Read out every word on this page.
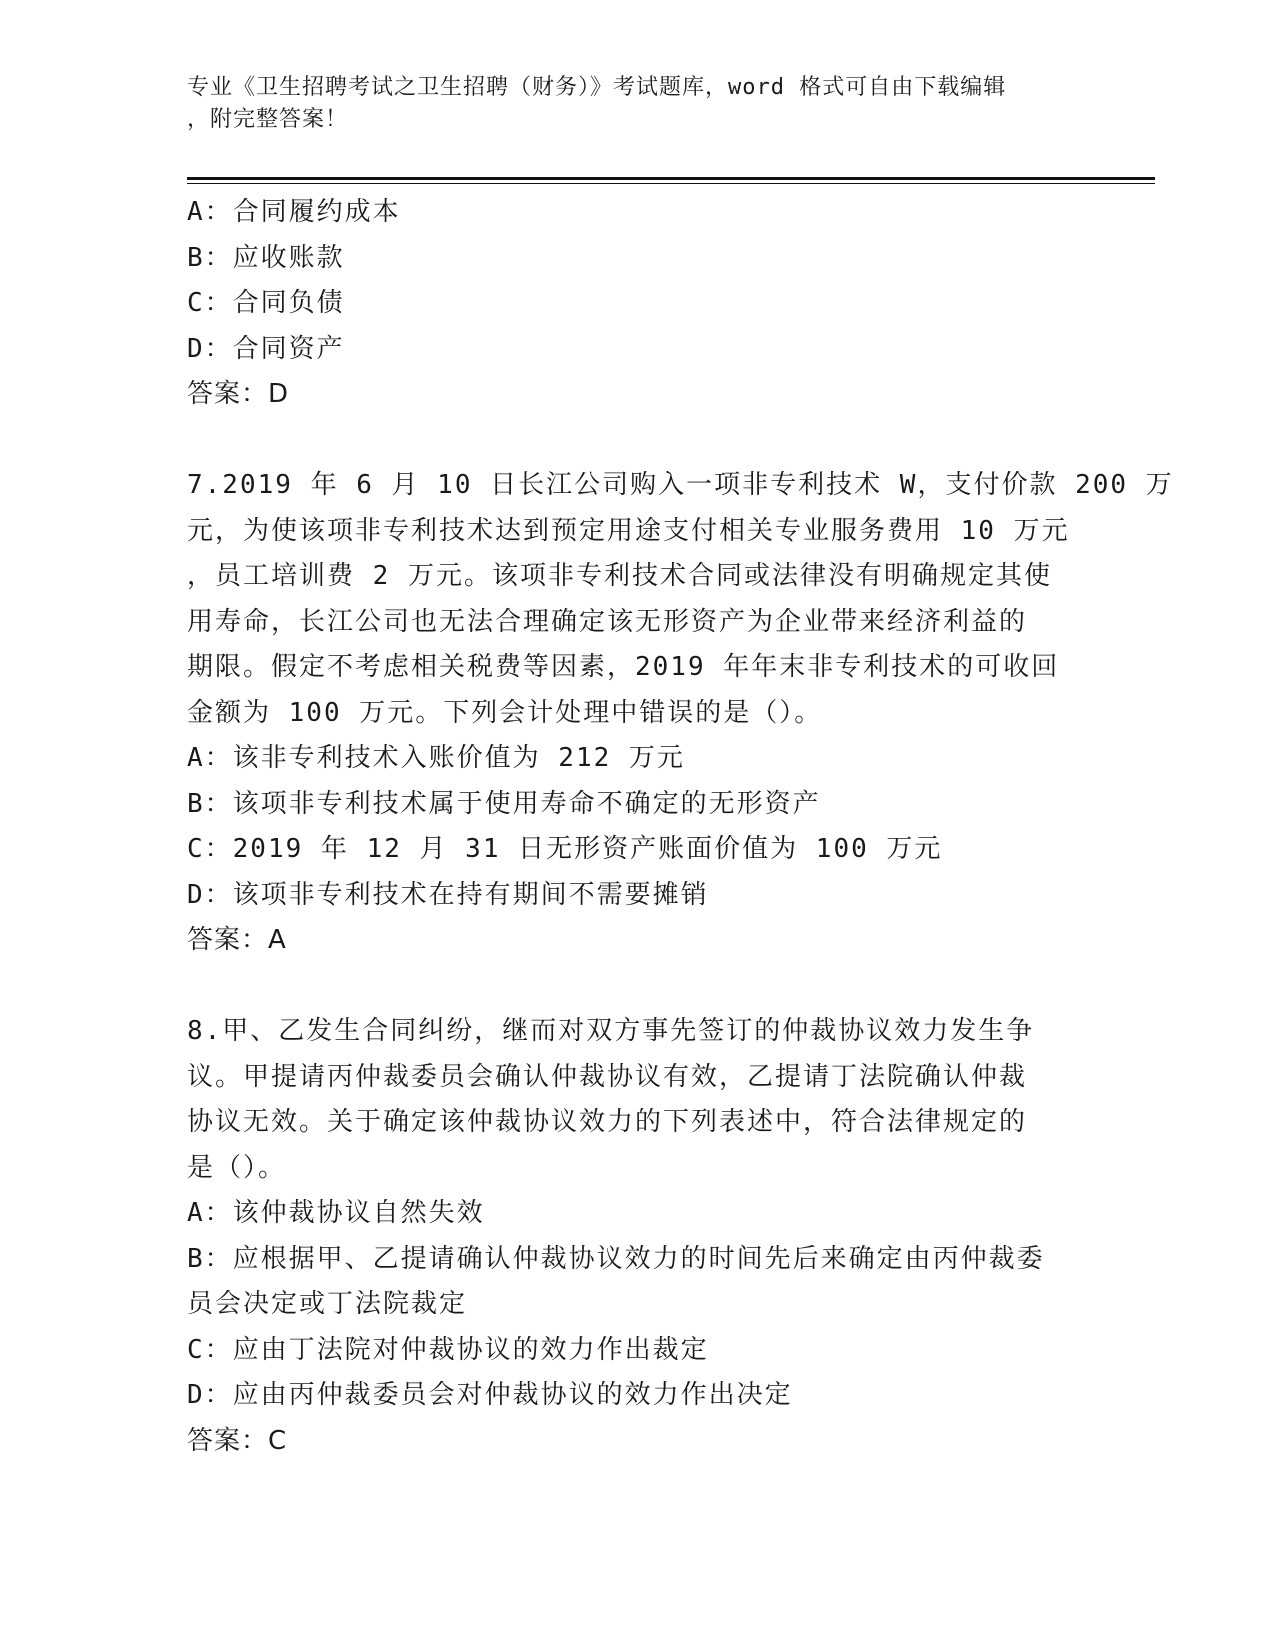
专业《卫生招聘考试之卫生招聘（财务）》考试题库，word 格式可自由下载编辑
，附完整答案！
A：合同履约成本
B：应收账款
C：合同负债
D：合同资产
答案：D
7.2019 年 6 月 10 日长江公司购入一项非专利技术 W，支付价款 200 万
元，为使该项非专利技术达到预定用途支付相关专业服务费用 10 万元
，员工培训费 2 万元。该项非专利技术合同或法律没有明确规定其使
用寿命，长江公司也无法合理确定该无形资产为企业带来经济利益的
期限。假定不考虑相关税费等因素，2019 年年末非专利技术的可收回
金额为 100 万元。下列会计处理中错误的是（）。
A：该非专利技术入账价值为 212 万元
B：该项非专利技术属于使用寿命不确定的无形资产
C：2019 年 12 月 31 日无形资产账面价值为 100 万元
D：该项非专利技术在持有期间不需要摊销
答案：A
8.甲、乙发生合同纠纷，继而对双方事先签订的仲裁协议效力发生争
议。甲提请丙仲裁委员会确认仲裁协议有效，乙提请丁法院确认仲裁
协议无效。关于确定该仲裁协议效力的下列表述中，符合法律规定的
是（）。
A：该仲裁协议自然失效
B：应根据甲、乙提请确认仲裁协议效力的时间先后来确定由丙仲裁委
员会决定或丁法院裁定
C：应由丁法院对仲裁协议的效力作出裁定
D：应由丙仲裁委员会对仲裁协议的效力作出决定
答案：C
